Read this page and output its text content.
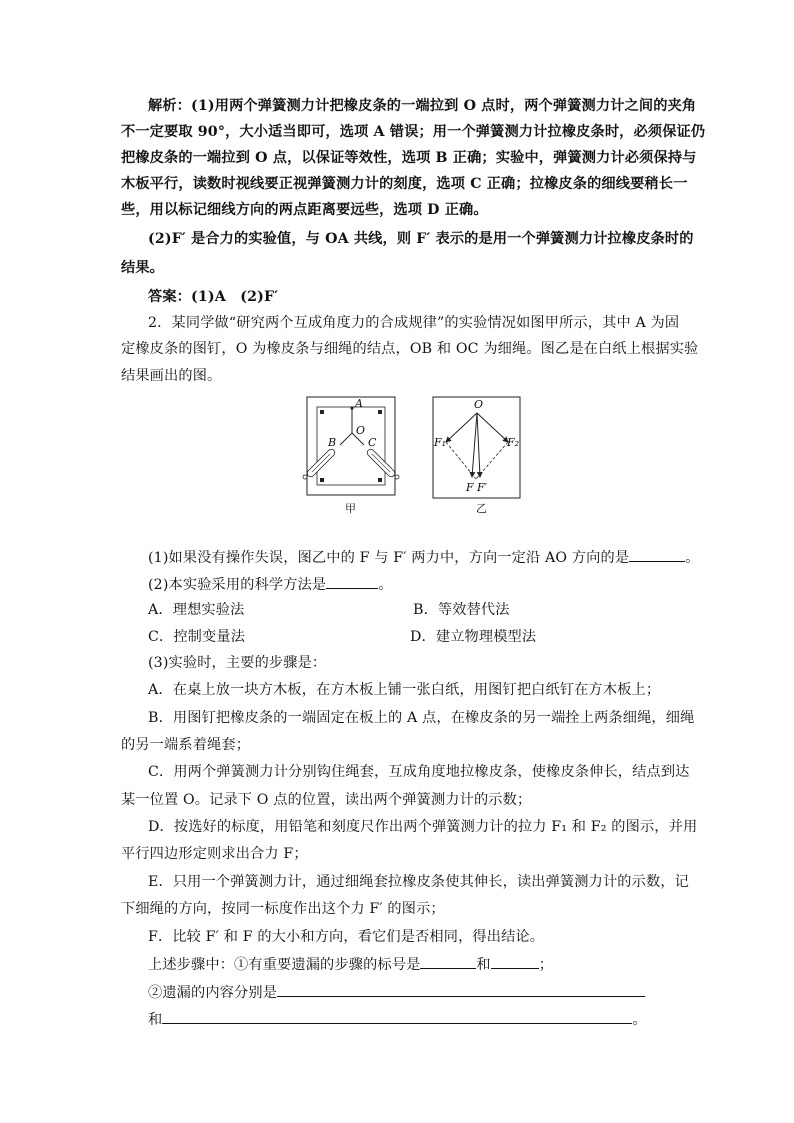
解析：(1)用两个弹簧测力计把橡皮条的一端拉到 O 点时，两个弹簧测力计之间的夹角
不一定要取 90°，大小适当即可，选项 A 错误；用一个弹簧测力计拉橡皮条时，必须保证仍
把橡皮条的一端拉到 O 点，以保证等效性，选项 B 正确；实验中，弹簧测力计必须保持与
木板平行，读数时视线要正视弹簧测力计的刻度，选项 C 正确；拉橡皮条的细线要稍长一
些，用以标记细线方向的两点距离要远些，选项 D 正确。
(2)F′ 是合力的实验值，与 OA 共线，则 F′ 表示的是用一个弹簧测力计拉橡皮条时的
结果。
答案：(1)A　(2)F′
2．某同学做“研究两个互成角度力的合成规律”的实验情况如图甲所示，其中 A 为固
定橡皮条的图钉，O 为橡皮条与细绳的结点，OB 和 OC 为细绳。图乙是在白纸上根据实验
结果画出的图。
A
O
B	C
甲
O
F₁	F₂
F F′
乙
(1)如果没有操作失误，图乙中的 F 与 F′ 两力中，方向一定沿 AO 方向的是	。
(2)本实验采用的科学方法是	。
A．理想实验法	B．等效替代法
C．控制变量法	D．建立物理模型法
(3)实验时，主要的步骤是：
A．在桌上放一块方木板，在方木板上铺一张白纸，用图钉把白纸钉在方木板上；
B．用图钉把橡皮条的一端固定在板上的 A 点，在橡皮条的另一端拴上两条细绳，细绳
的另一端系着绳套；
C．用两个弹簧测力计分别钩住绳套，互成角度地拉橡皮条，使橡皮条伸长，结点到达
某一位置 O。记录下 O 点的位置，读出两个弹簧测力计的示数；
D．按选好的标度，用铅笔和刻度尺作出两个弹簧测力计的拉力 F₁ 和 F₂ 的图示，并用
平行四边形定则求出合力 F；
E．只用一个弹簧测力计，通过细绳套拉橡皮条使其伸长，读出弹簧测力计的示数，记
下细绳的方向，按同一标度作出这个力 F′ 的图示；
F．比较 F′ 和 F 的大小和方向，看它们是否相同，得出结论。
上述步骤中：①有重要遗漏的步骤的标号是	和	；
②遗漏的内容分别是
和	。
